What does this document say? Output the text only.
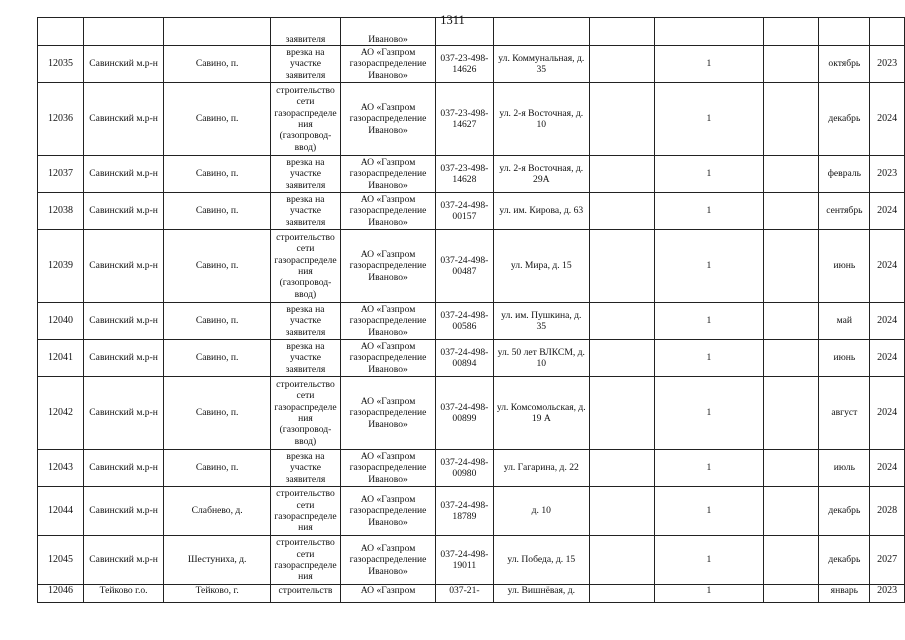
1311
			заявителя	Иваново»							
12035	Савинский м.р-н	Савино, п.	врезка на участке заявителя	АО «Газпром газораспределение Иваново»	037-23-498-14626	ул. Коммунальная, д. 35		1		октябрь	2023
12036	Савинский м.р-н	Савино, п.	строительство сети газораспределения (газопровод-ввод)	АО «Газпром газораспределение Иваново»	037-23-498-14627	ул. 2-я Восточная, д. 10		1		декабрь	2024
12037	Савинский м.р-н	Савино, п.	врезка на участке заявителя	АО «Газпром газораспределение Иваново»	037-23-498-14628	ул. 2-я Восточная, д. 29А		1		февраль	2023
12038	Савинский м.р-н	Савино, п.	врезка на участке заявителя	АО «Газпром газораспределение Иваново»	037-24-498-00157	ул. им. Кирова, д. 63		1		сентябрь	2024
12039	Савинский м.р-н	Савино, п.	строительство сети газораспределения (газопровод-ввод)	АО «Газпром газораспределение Иваново»	037-24-498-00487	ул. Мира, д. 15		1		июнь	2024
12040	Савинский м.р-н	Савино, п.	врезка на участке заявителя	АО «Газпром газораспределение Иваново»	037-24-498-00586	ул. им. Пушкина, д. 35		1		май	2024
12041	Савинский м.р-н	Савино, п.	врезка на участке заявителя	АО «Газпром газораспределение Иваново»	037-24-498-00894	ул. 50 лет ВЛКСМ, д. 10		1		июнь	2024
12042	Савинский м.р-н	Савино, п.	строительство сети газораспределения (газопровод-ввод)	АО «Газпром газораспределение Иваново»	037-24-498-00899	ул. Комсомольская, д. 19 А		1		август	2024
12043	Савинский м.р-н	Савино, п.	врезка на участке заявителя	АО «Газпром газораспределение Иваново»	037-24-498-00980	ул. Гагарина, д. 22		1		июль	2024
12044	Савинский м.р-н	Слабнево, д.	строительство сети газораспределения	АО «Газпром газораспределение Иваново»	037-24-498-18789	д. 10		1		декабрь	2028
12045	Савинский м.р-н	Шестуниха, д.	строительство сети газораспределения	АО «Газпром газораспределение Иваново»	037-24-498-19011	ул. Победа, д. 15		1		декабрь	2027
12046	Тейково г.о.	Тейково, г.	строительств	АО «Газпром	037-21-	ул. Вишнёвая, д.		1		январь	2023
